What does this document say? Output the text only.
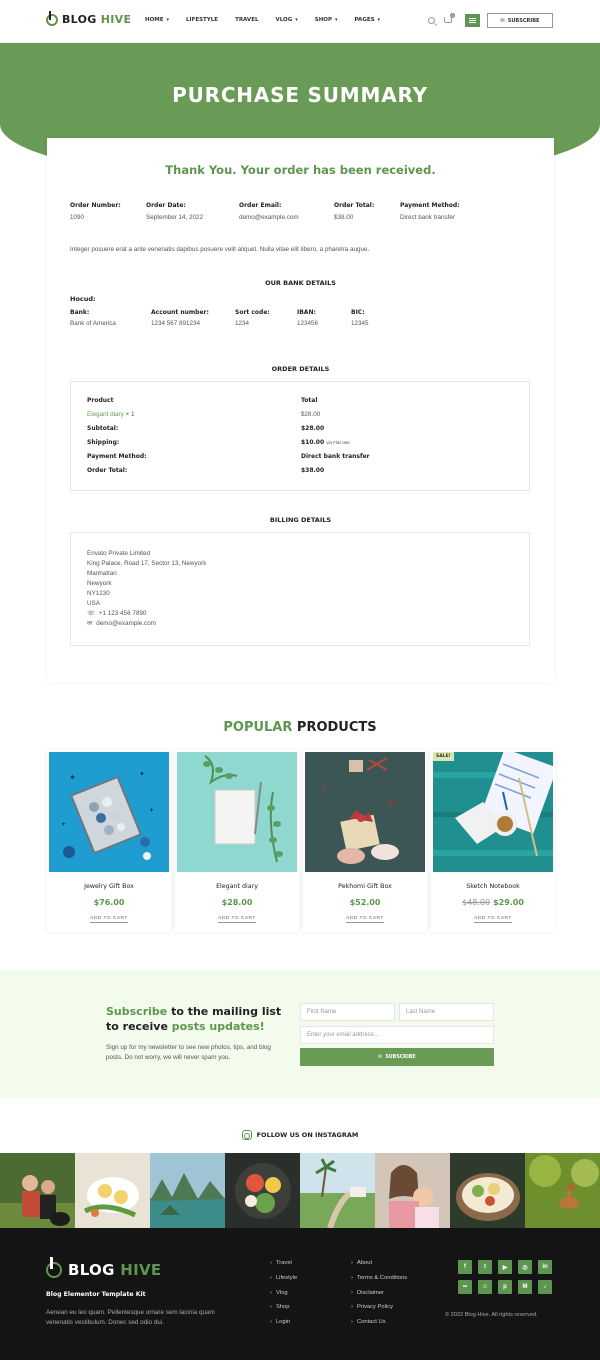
BLOG HIVE HOME ▾	LIFESTYLE	TRAVEL	VLOG ▾	SHOP ▾	PAGES ▾
0
✉ SUBSCRIBE
PURCHASE SUMMARY
Thank You. Your order has been received.
Order Number:
1090
Order Date:
September 14, 2022
Order Email:
demo@example.com
Order Total:
$38.00
Payment Method:
Direct bank transfer
Integer posuere erat a ante venenatis dapibus posuere velit aliquet. Nulla vitae elit libero, a pharetra augue.
OUR BANK DETAILS
Hocud:
Bank:
Bank of America
Account number:
1234 567 891234
Sort code:
1234
IBAN:
123456
BIC:
12345
ORDER DETAILS
Product	Total
Elegant diary × 1	$28.00
Subtotal:	$28.00
Shipping:	$10.00 via Flat rate
Payment Method:	Direct bank transfer
Order Total:	$38.00
BILLING DETAILS
Envato Private Limited
King Palace, Road 17, Sector 13, Newyork
Manhattan
Newyork
NY1230
USA
☏ +1 123 456 7890
✉ demo@example.com
POPULAR PRODUCTS
✦	✦
✦
✦
Jewelry Gift Box
$76.00
ADD TO CART
Elegant diary
$28.00
ADD TO CART
✶
✶
Pekhomi Gift Box
$52.00
ADD TO CART
SALE!
Sketch Notebook
$48.00 $29.00
ADD TO CART
Subscribe to the mailing list to receive posts updates!
Sign up for my newsletter to see new photos, tips, and blog posts. Do not worry, we will never spam you.
First Name	Last Name
Enter your email address...
✉ SUBSCRIBE
FOLLOW US ON INSTAGRAM
BLOG HIVE
Blog Elementor Template Kit
Aenean eu leo quam. Pellentesque ornare sem lacinia quam venenatis vestibulum. Donec sed odio dui.
› Travel
› Lifestyle
› Vlog
› Shop
› Login
› About
› Terms & Conditions
› Disclaimer
› Privacy Policy
› Contact Us
f	t	▶	◎	in
••	☺	p	M	♪
© 2022 Blog Hive. All rights reserved.
